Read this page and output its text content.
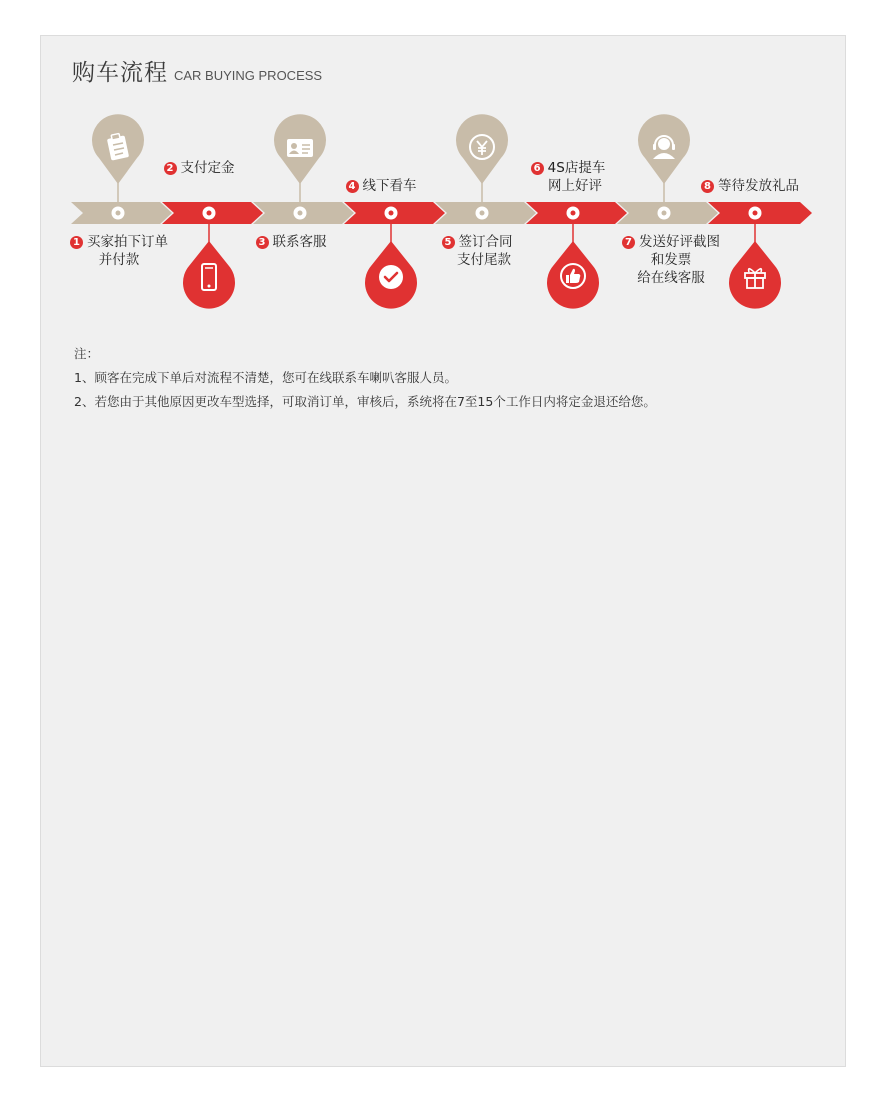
购车流程 CAR BUYING PROCESS
1 买家拍下订单
并付款
2 支付定金
3 联系客服
4 线下看车
5 签订合同
支付尾款
6 4S店提车
网上好评
7 发送好评截图
和发票
给在线客服
8 等待发放礼品
注：
1、顾客在完成下单后对流程不清楚，您可在线联系车喇叭客服人员。
2、若您由于其他原因更改车型选择，可取消订单，审核后，系统将在7至15个工作日内将定金退还给您。
